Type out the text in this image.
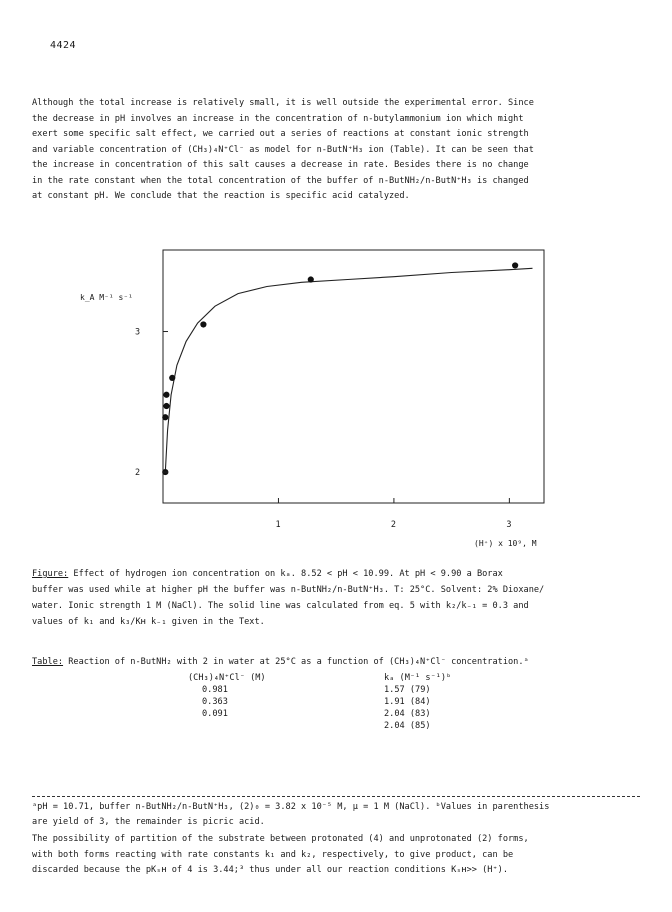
4424
Although the total increase is relatively small, it is well outside the experimental error. Since
the decrease in pH involves an increase in the concentration of n-butylammonium ion which might
exert some specific salt effect, we carried out a series of reactions at constant ionic strength
and variable concentration of (CH₃)₄N⁺Cl⁻ as model for n-ButN⁺H₃ ion (Table). It can be seen that
the increase in concentration of this salt causes a decrease in rate. Besides there is no change
in the rate constant when the total concentration of the buffer of n-ButNH₂/n-ButN⁺H₃ is changed
at constant pH. We conclude that the reaction is specific acid catalyzed.
1	2	3
2
3
k_A M⁻¹ s⁻¹
(H⁺) x 10⁹, M
Figure: Effect of hydrogen ion concentration on kₐ. 8.52 < pH < 10.99. At pH < 9.90 a Borax
buffer was used while at higher pH the buffer was n-ButNH₂/n-ButN⁺H₃. T: 25°C. Solvent: 2% Dioxane/
water. Ionic strength 1 M (NaCl). The solid line was calculated from eq. 5 with k₂/k₋₁ = 0.3 and
values of k₁ and k₃/Kʜ k₋₁ given in the Text.
Table: Reaction of n-ButNH₂ with 2 in water at 25°C as a function of (CH₃)₄N⁺Cl⁻ concentration.ᵃ
(CH₃)₄N⁺Cl⁻ (M)
0.981
0.363
0.091
kₐ (M⁻¹ s⁻¹)ᵇ
1.57 (79)
1.91 (84)
2.04 (83)
2.04 (85)
ᵃpH = 10.71, buffer n-ButNH₂/n-ButN⁺H₃, (2)₀ = 3.82 x 10⁻⁵ M, μ = 1 M (NaCl). ᵇValues in parenthesis
are yield of 3, the remainder is picric acid.
The possibility of partition of the substrate between protonated (4) and unprotonated (2) forms,
with both forms reacting with rate constants k₁ and k₂, respectively, to give product, can be
discarded because the pKₛʜ of 4 is 3.44;³ thus under all our reaction conditions Kₛʜ>> (H⁺).
